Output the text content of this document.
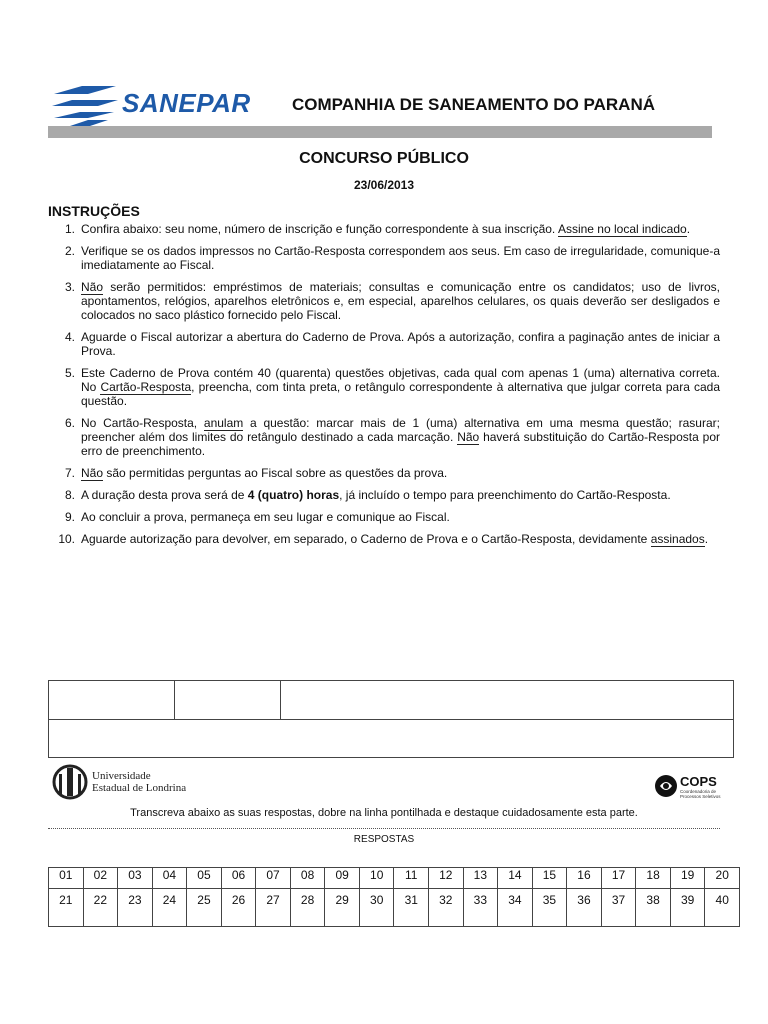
SANEPAR COMPANHIA DE SANEAMENTO DO PARANÁ
CONCURSO PÚBLICO
23/06/2013
INSTRUÇÕES
1. Confira abaixo: seu nome, número de inscrição e função correspondente à sua inscrição. Assine no local indicado.
2. Verifique se os dados impressos no Cartão-Resposta correspondem aos seus. Em caso de irregularidade, comunique-a imediatamente ao Fiscal.
3. Não serão permitidos: empréstimos de materiais; consultas e comunicação entre os candidatos; uso de livros, apontamentos, relógios, aparelhos eletrônicos e, em especial, aparelhos celulares, os quais deverão ser desligados e colocados no saco plástico fornecido pelo Fiscal.
4. Aguarde o Fiscal autorizar a abertura do Caderno de Prova. Após a autorização, confira a paginação antes de iniciar a Prova.
5. Este Caderno de Prova contém 40 (quarenta) questões objetivas, cada qual com apenas 1 (uma) alternativa correta. No Cartão-Resposta, preencha, com tinta preta, o retângulo correspondente à alternativa que julgar correta para cada questão.
6. No Cartão-Resposta, anulam a questão: marcar mais de 1 (uma) alternativa em uma mesma questão; rasurar; preencher além dos limites do retângulo destinado a cada marcação. Não haverá substituição do Cartão-Resposta por erro de preenchimento.
7. Não são permitidas perguntas ao Fiscal sobre as questões da prova.
8. A duração desta prova será de 4 (quatro) horas, já incluído o tempo para preenchimento do Cartão-Resposta.
9. Ao concluir a prova, permaneça em seu lugar e comunique ao Fiscal.
10. Aguarde autorização para devolver, em separado, o Caderno de Prova e o Cartão-Resposta, devidamente assinados.
Universidade
Estadual de Londrina	COPS
Coordenadoria de Processos Seletivos
Transcreva abaixo as suas respostas, dobre na linha pontilhada e destaque cuidadosamente esta parte.
RESPOSTAS
01	02	03	04	05	06	07	08	09	10	11	12	13	14	15	16	17	18	19	20
21	22	23	24	25	26	27	28	29	30	31	32	33	34	35	36	37	38	39	40
